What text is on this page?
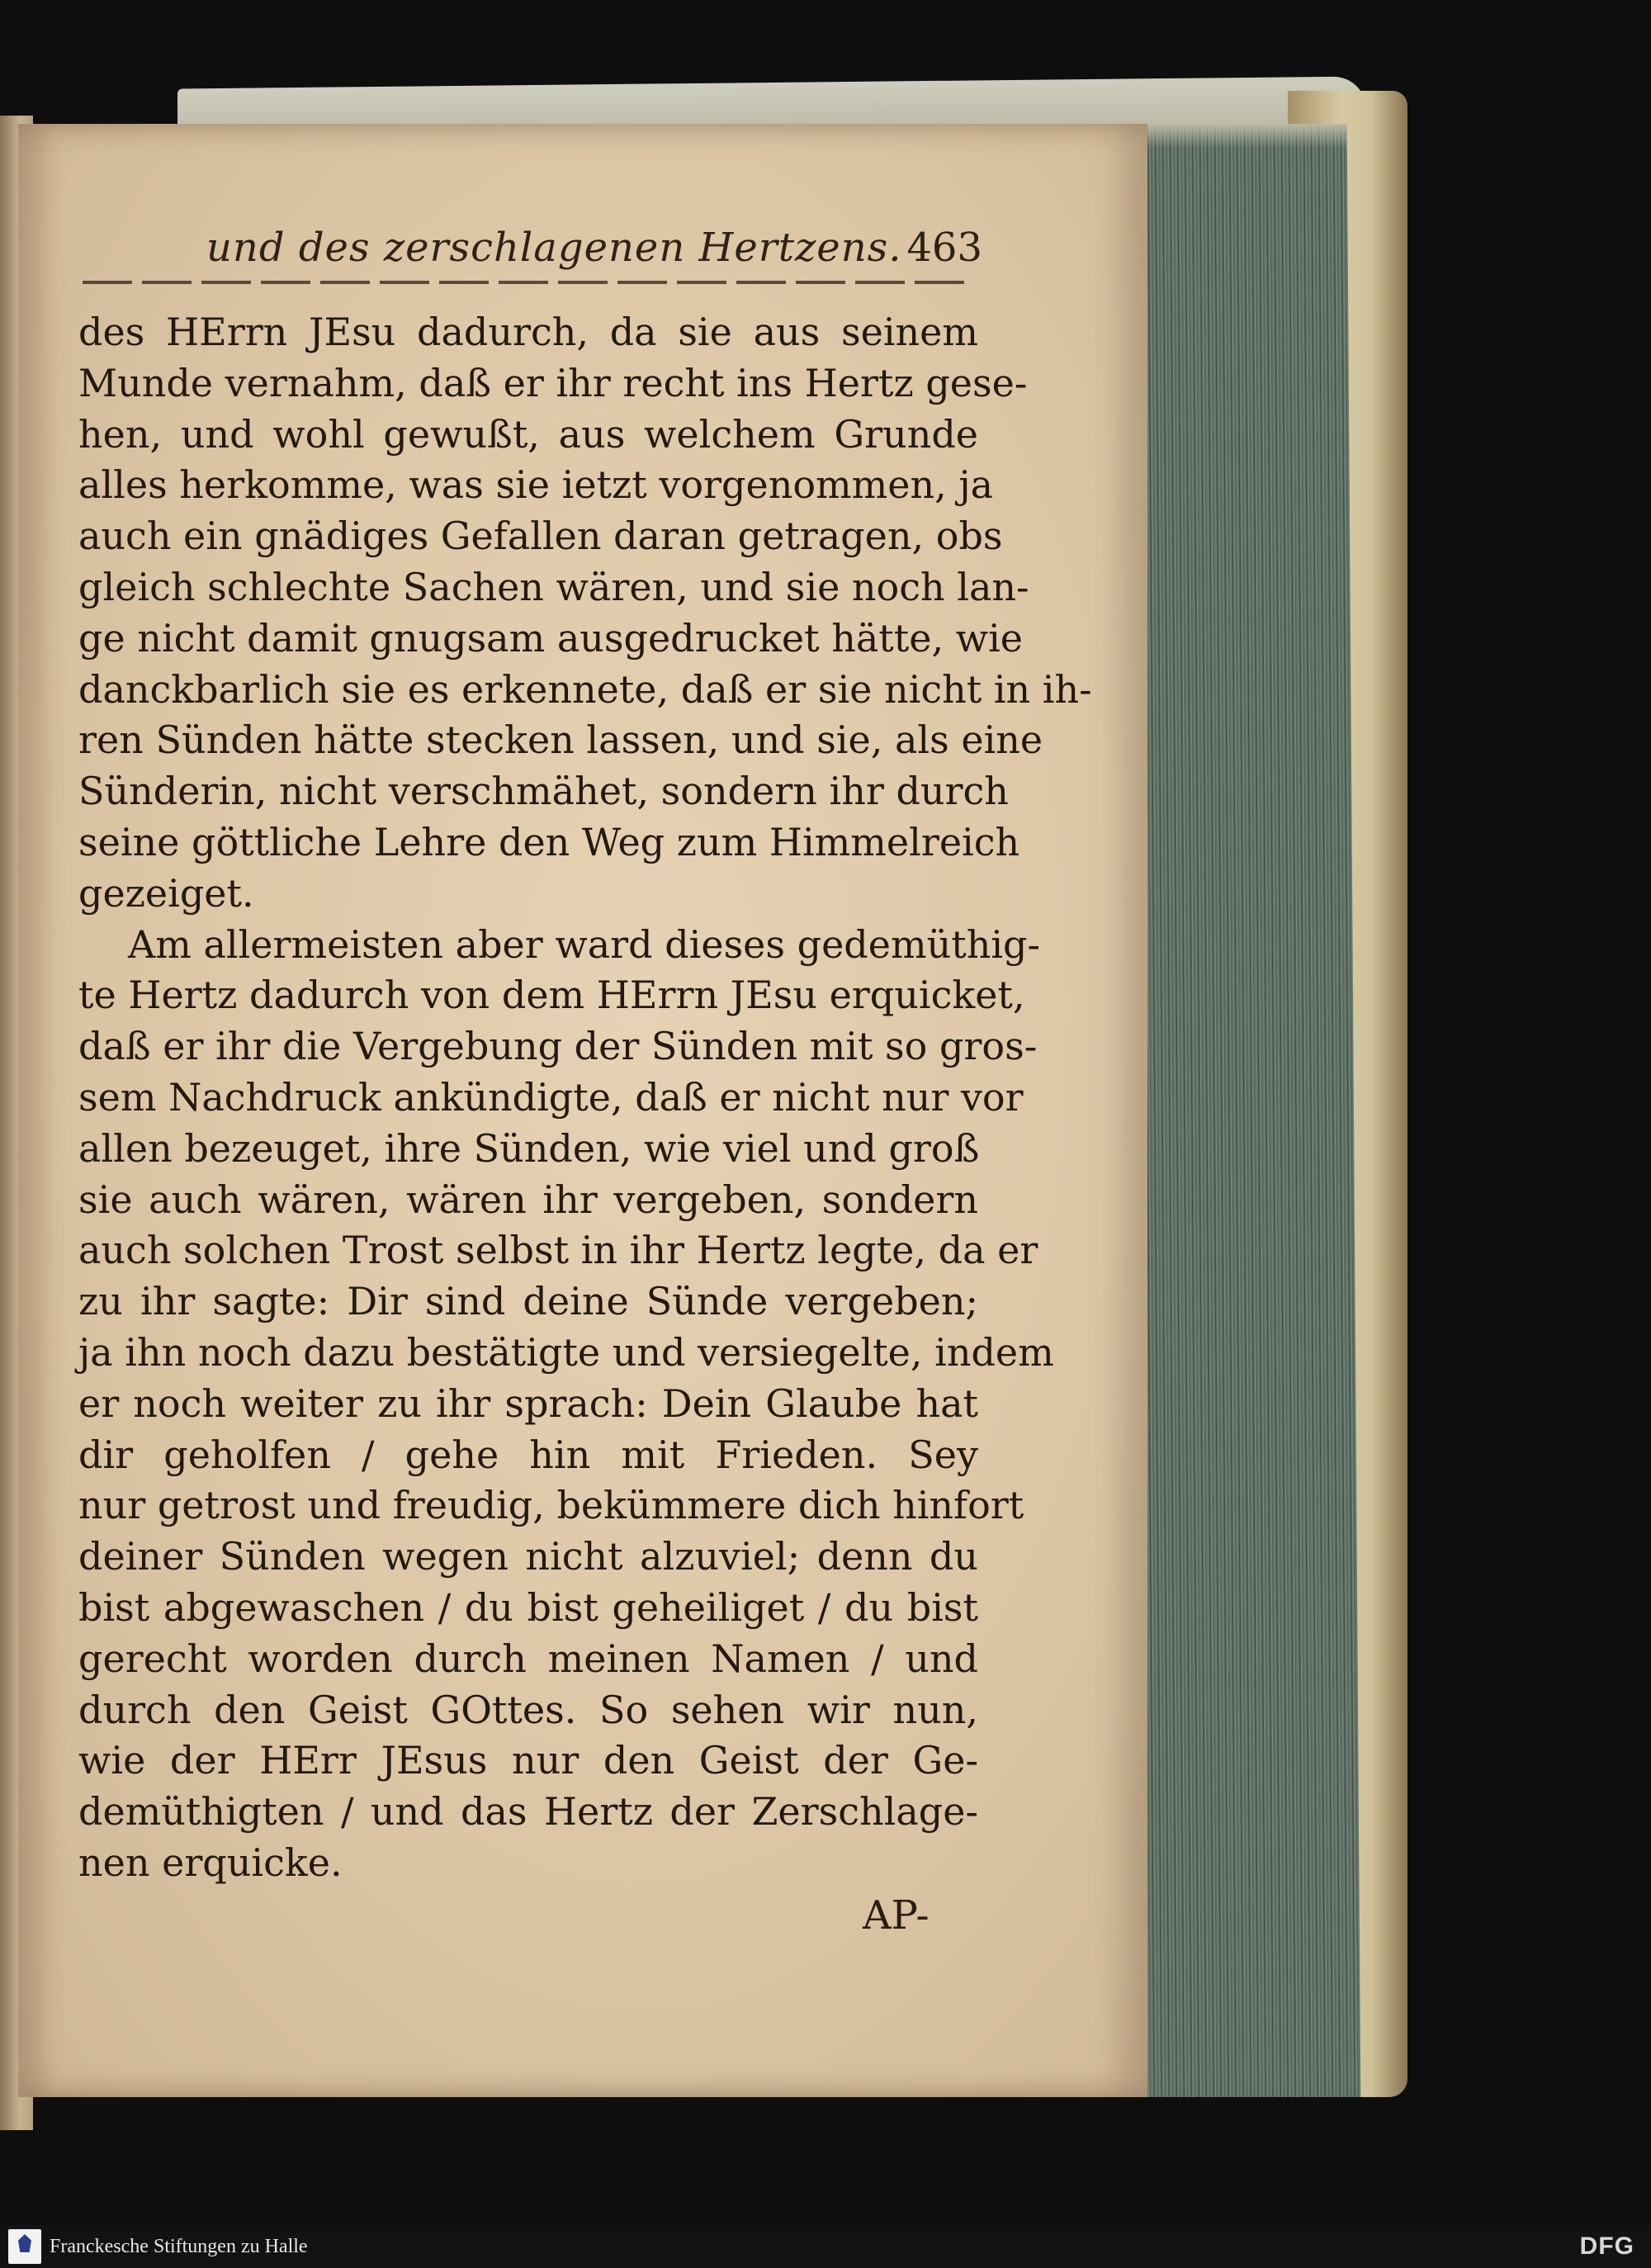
und des zerschlagenen Hertzens. 463
des HErrn JEsu dadurch, da sie aus seinem
Munde vernahm, daß er ihr recht ins Hertz gese-
hen, und wohl gewußt, aus welchem Grunde
alles herkomme, was sie ietzt vorgenommen, ja
auch ein gnädiges Gefallen daran getragen, obs
gleich schlechte Sachen wären, und sie noch lan-
ge nicht damit gnugsam ausgedrucket hätte, wie
danckbarlich sie es erkennete, daß er sie nicht in ih-
ren Sünden hätte stecken lassen, und sie, als eine
Sünderin, nicht verschmähet, sondern ihr durch
seine göttliche Lehre den Weg zum Himmelreich
gezeiget.
Am allermeisten aber ward dieses gedemüthig-
te Hertz dadurch von dem HErrn JEsu erquicket,
daß er ihr die Vergebung der Sünden mit so gros-
sem Nachdruck ankündigte, daß er nicht nur vor
allen bezeuget, ihre Sünden, wie viel und groß
sie auch wären, wären ihr vergeben, sondern
auch solchen Trost selbst in ihr Hertz legte, da er
zu ihr sagte: Dir sind deine Sünde vergeben;
ja ihn noch dazu bestätigte und versiegelte, indem
er noch weiter zu ihr sprach: Dein Glaube hat
dir geholfen / gehe hin mit Frieden. Sey
nur getrost und freudig, bekümmere dich hinfort
deiner Sünden wegen nicht alzuviel; denn du
bist abgewaschen / du bist geheiliget / du bist
gerecht worden durch meinen Namen / und
durch den Geist GOttes. So sehen wir nun,
wie der HErr JEsus nur den Geist der Ge-
demüthigten / und das Hertz der Zerschlage-
nen erquicke.
AP-
Franckesche Stiftungen zu Halle	DFG
